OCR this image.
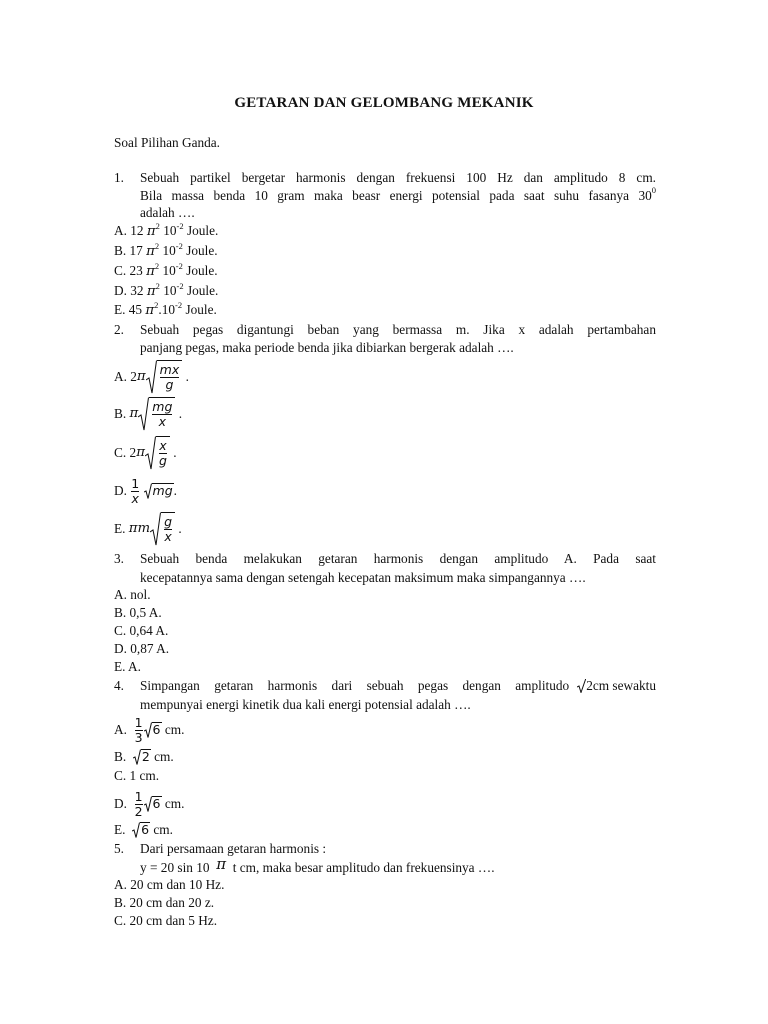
GETARAN DAN GELOMBANG MEKANIK
Soal Pilihan Ganda.
1. Sebuah partikel bergetar harmonis dengan frekuensi 100 Hz dan amplitudo 8 cm.
Bila massa benda 10 gram maka beasr energi potensial pada saat suhu fasanya 30 0
adalah ….
A. 12 $\pi^2$ $10^{-2}$ Joule.
B. 17 $\pi^2$ $10^{-2}$ Joule.
C. 23 $\pi^2$ $10^{-2}$ Joule.
D. 32 $\pi^2$ $10^{-2}$ Joule.
E. 45 $\pi^2.10^{-2}$ Joule.
2. Sebuah pegas digantungi beban yang bermassa m. Jika x adalah pertambahan
panjang pegas, maka periode benda jika dibiarkan bergerak adalah ….
A.
2 π $\frac{mx}{g}$
.
B.
π $\frac{mg}{x}$
.
C.
2 π $\frac{x}{g}$
.
D.
$\frac{1}{x}$
mg .
E.
πm $\frac{g}{x}$
.
3. Sebuah benda melakukan getaran harmonis dengan amplitudo A. Pada saat
kecepatannya sama dengan setengah kecepatan maksimum maka simpangannya ….
A. nol.
B. 0,5 A.
C. 0,64 A.
D. 0,87 A.
E. A.
4. Simpangan getaran harmonis dari sebuah pegas dengan amplitudo 2cm sewaktu
mempunyai energi kinetik dua kali energi potensial adalah ….
A.
$\frac{1}{3} 6$
cm.
B.
2
cm.
C. 1 cm.
D.
$\frac{1}{2} 6$
cm.
E.
6
cm.
5. Dari persamaan getaran harmonis :
y = 20 sin 10 π t cm, maka besar amplitudo dan frekuensinya ….
A. 20 cm dan 10 Hz.
B. 20 cm dan 20 z.
C. 20 cm dan 5 Hz.
